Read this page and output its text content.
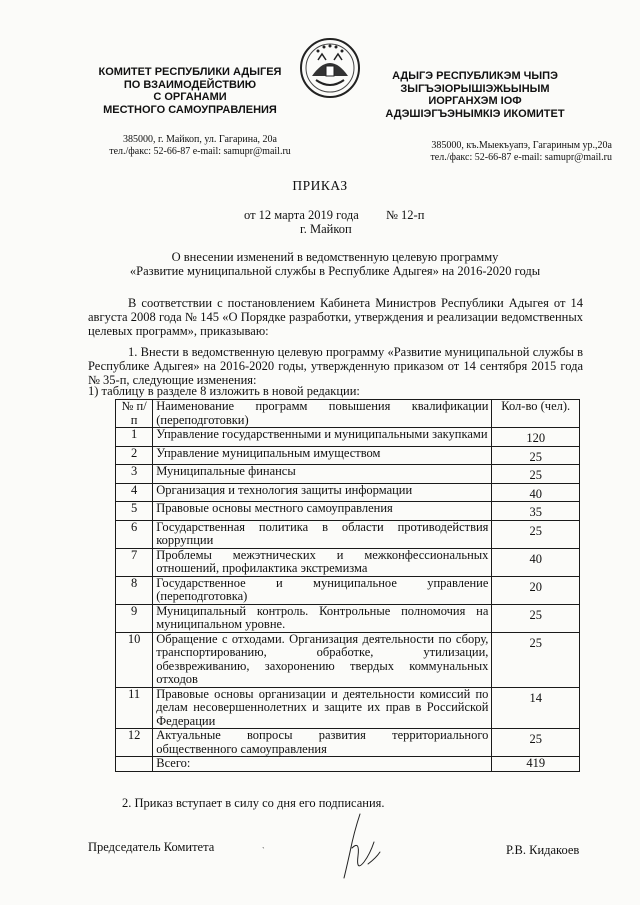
КОМИТЕТ РЕСПУБЛИКИ АДЫГЕЯ
ПО ВЗАИМОДЕЙСТВИЮ
С ОРГАНАМИ
МЕСТНОГО САМОУПРАВЛЕНИЯ
АДЫГЭ РЕСПУБЛИКЭМ ЧЫПЭ
ЗЫГЪЭІОРЫШІЭЖЬЫНЫМ
ИОРГАНХЭМ ІОФ
АДЭШІЭГЪЭНЫМКІЭ ИКОМИТЕТ
385000, г. Майкоп, ул. Гагарина, 20а
тел./факс: 52-66-87 e-mail: samupr@mail.ru
385000, къ.Мыекъуапэ, Гагариным ур.,20а
тел./факс: 52-66-87 e-mail: samupr@mail.ru
ПРИКАЗ
от 12 марта 2019 года № 12-п
г. Майкоп
О внесении изменений в ведомственную целевую программу
«Развитие муниципальной службы в Республике Адыгея» на 2016-2020 годы
В соответствии с постановлением Кабинета Министров Республики Адыгея от 14 августа 2008 года № 145 «О Порядке разработки, утверждения и реализации ведомственных целевых программ», приказываю:
1. Внести в ведомственную целевую программу «Развитие муниципальной службы в Республике Адыгея» на 2016-2020 годы, утвержденную приказом от 14 сентября 2015 года № 35-п, следующие изменения:
1) таблицу в разделе 8 изложить в новой редакции:
№ п/п	Наименование программ повышения квалификации (переподготовки)	Кол-во (чел).
1	Управление государственными и муниципальными закупками	120

2	Управление муниципальным имуществом	25

3	Муниципальные финансы	25

4	Организация и технология защиты информации	40

5	Правовые основы местного самоуправления	35

6	Государственная политика в области противодействия коррупции	25

7	Проблемы межэтнических и межконфессиональных отношений, профилактика экстремизма	40

8	Государственное и муниципальное управление (переподготовка)	20

9	Муниципальный контроль. Контрольные полномочия на муниципальном уровне.	25

10	Обращение с отходами. Организация деятельности по сбору, транспортированию, обработке, утилизации, обезвреживанию, захоронению твердых коммунальных отходов	25

11	Правовые основы организации и деятельности комиссий по делам несовершеннолетних и защите их прав в Российской Федерации	14

12	Актуальные вопросы развития территориального общественного самоуправления	25

	Всего:	419
2. Приказ вступает в силу со дня его подписания.
Председатель Комитета	ˋ	Р.В. Кидакоев
